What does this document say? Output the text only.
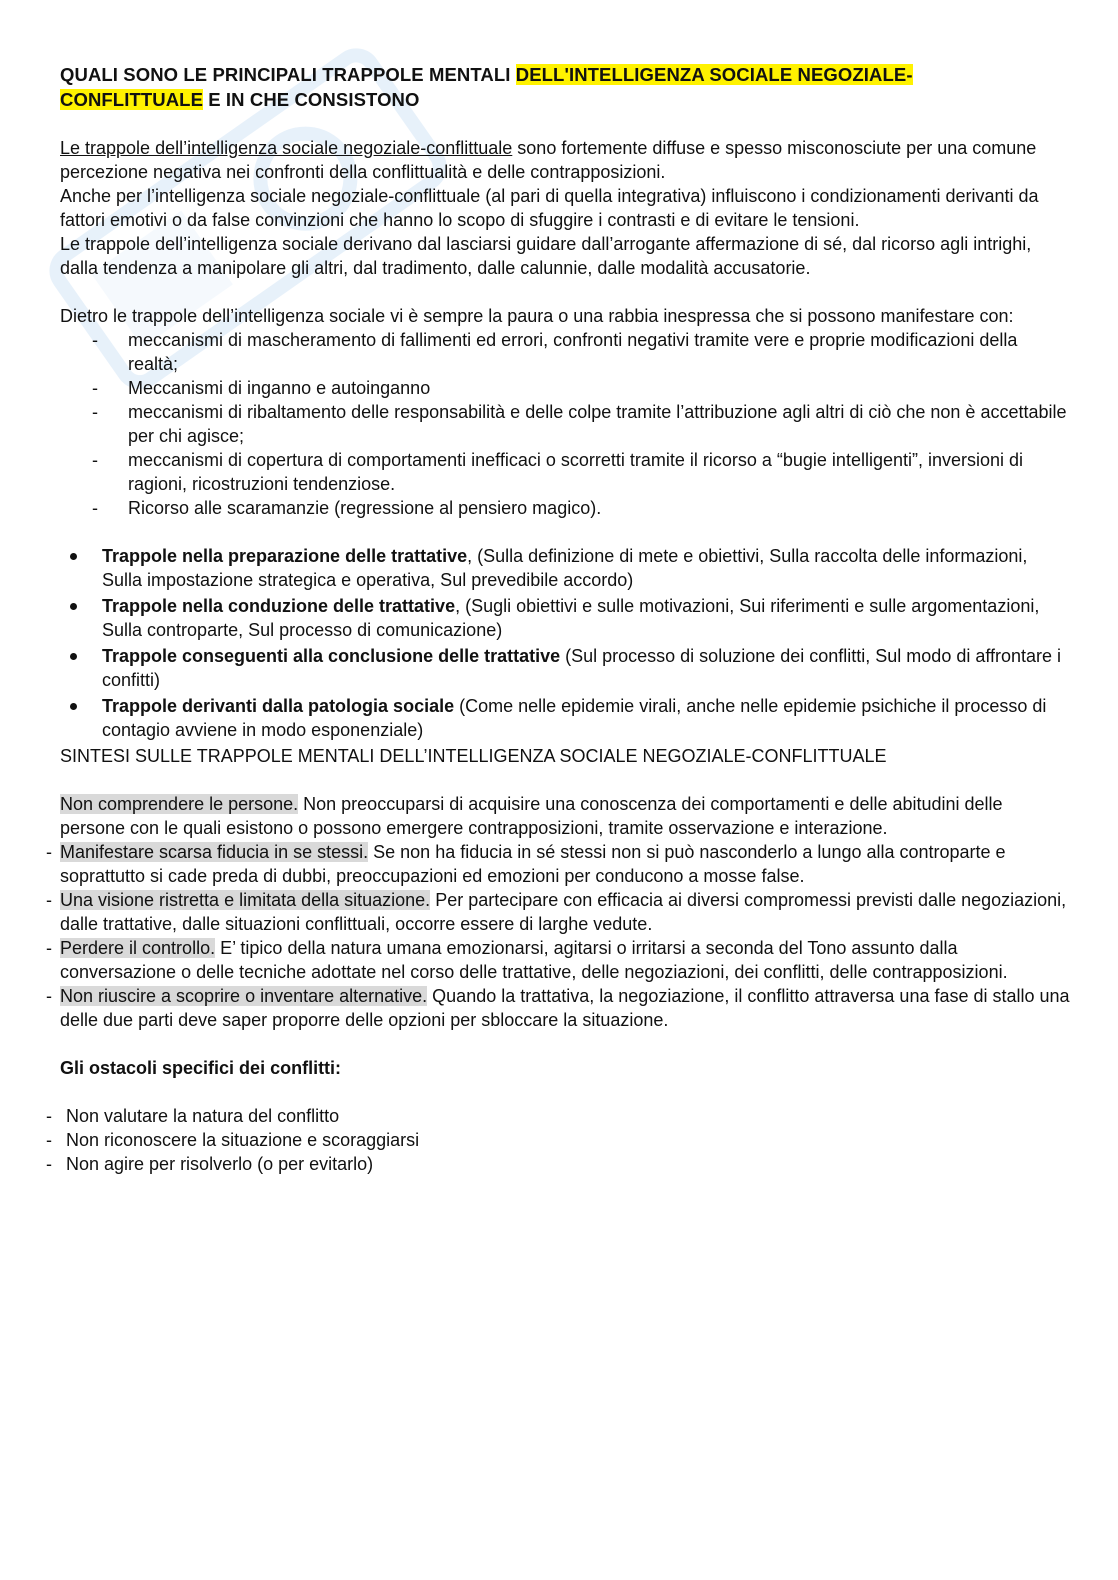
QUALI SONO LE PRINCIPALI TRAPPOLE MENTALI DELL'INTELLIGENZA SOCIALE NEGOZIALE-
CONFLITTUALE E IN CHE CONSISTONO

Le trappole dell’intelligenza sociale negoziale-conflittuale sono fortemente diffuse e spesso misconosciute per una comune percezione negativa nei confronti della conflittualità e delle contrapposizioni.

Anche per l’intelligenza sociale negoziale-conflittuale (al pari di quella integrativa) influiscono i condizionamenti derivanti da fattori emotivi o da false convinzioni che hanno lo scopo di sfuggire i contrasti e di evitare le tensioni.

Le trappole dell’intelligenza sociale derivano dal lasciarsi guidare dall’arrogante affermazione di sé, dal ricorso agli intrighi, dalla tendenza a manipolare gli altri, dal tradimento, dalle calunnie, dalle modalità accusatorie.

Dietro le trappole dell’intelligenza sociale vi è sempre la paura o una rabbia inespressa che si possono manifestare con:

- meccanismi di mascheramento di fallimenti ed errori, confronti negativi tramite vere e proprie modificazioni della realtà;
- Meccanismi di inganno e autoinganno
- meccanismi di ribaltamento delle responsabilità e delle colpe tramite l’attribuzione agli altri di ciò che non è accettabile per chi agisce;
- meccanismi di copertura di comportamenti inefficaci o scorretti tramite il ricorso a “bugie intelligenti”, inversioni di ragioni, ricostruzioni tendenziose.
- Ricorso alle scaramanzie (regressione al pensiero magico).
Trappole nella preparazione delle trattative, (Sulla definizione di mete e obiettivi, Sulla raccolta delle informazioni, Sulla impostazione strategica e operativa, Sul prevedibile accordo)
Trappole nella conduzione delle trattative, (Sugli obiettivi e sulle motivazioni, Sui riferimenti e sulle argomentazioni, Sulla controparte, Sul processo di comunicazione)
Trappole conseguenti alla conclusione delle trattative (Sul processo di soluzione dei conflitti, Sul modo di affrontare i confitti)
Trappole derivanti dalla patologia sociale (Come nelle epidemie virali, anche nelle epidemie psichiche il processo di contagio avviene in modo esponenziale)

SINTESI SULLE TRAPPOLE MENTALI DELL’INTELLIGENZA SOCIALE NEGOZIALE-CONFLITTUALE

Non comprendere le persone. Non preoccuparsi di acquisire una conoscenza dei comportamenti e delle abitudini delle persone con le quali esistono o possono emergere contrapposizioni, tramite osservazione e interazione.

- Manifestare scarsa fiducia in se stessi. Se non ha fiducia in sé stessi non si può nasconderlo a lungo alla controparte e soprattutto si cade preda di dubbi, preoccupazioni ed emozioni per conducono a mosse false.

- Una visione ristretta e limitata della situazione. Per partecipare con efficacia ai diversi compromessi previsti dalle negoziazioni, dalle trattative, dalle situazioni conflittuali, occorre essere di larghe vedute.

- Perdere il controllo. E’ tipico della natura umana emozionarsi, agitarsi o irritarsi a seconda del Tono assunto dalla conversazione o delle tecniche adottate nel corso delle trattative, delle negoziazioni, dei conflitti, delle contrapposizioni.

- Non riuscire a scoprire o inventare alternative. Quando la trattativa, la negoziazione, il conflitto attraversa una fase di stallo una delle due parti deve saper proporre delle opzioni per sbloccare la situazione.

Gli ostacoli specifici dei conflitti:

- Non valutare la natura del conflitto
- Non riconoscere la situazione e scoraggiarsi
- Non agire per risolverlo (o per evitarlo)
